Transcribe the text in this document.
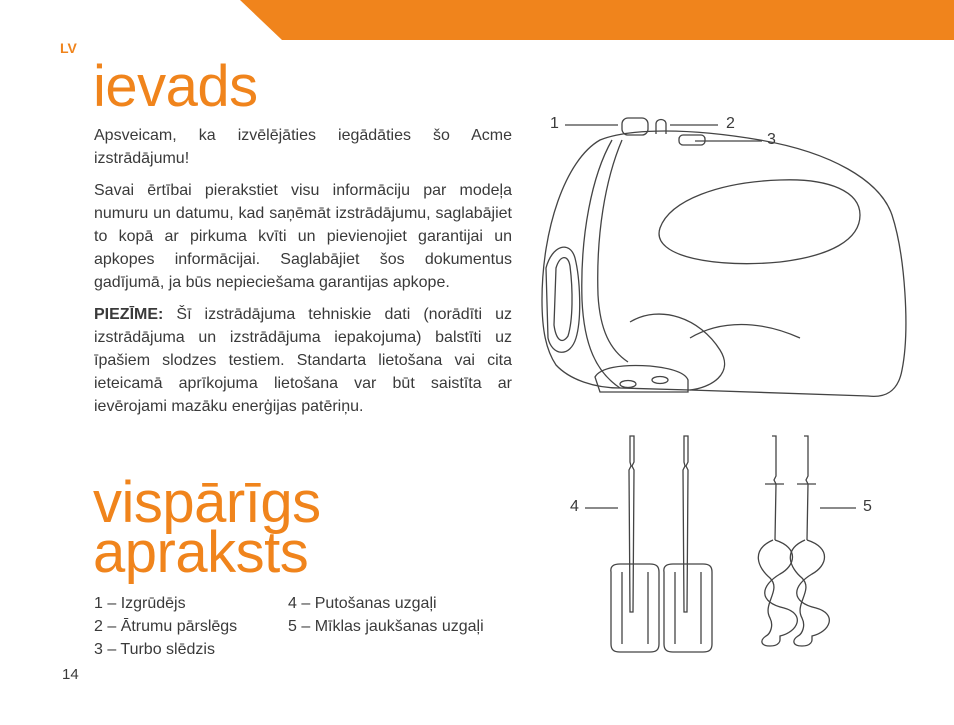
LV
ievads

Apsveicam, ka izvēlējāties iegādāties šo Acme izstrādājumu!

Savai ērtībai pierakstiet visu informāciju par modeļa numuru un datumu, kad saņēmāt izstrādājumu, saglabājiet to kopā ar pirkuma kvīti un pievienojiet garantijai un apkopes informācijai. Saglabājiet šos dokumentus gadījumā, ja būs nepieciešama garantijas apkope.

PIEZĪME: Šī izstrādājuma tehniskie dati (norādīti uz izstrādājuma un izstrādājuma iepakojuma) balstīti uz īpašiem slodzes testiem. Standarta lietošana vai cita ieteicamā aprīkojuma lietošana var būt saistīta ar ievērojami mazāku enerģijas patēriņu.

vispārīgs
apraksts
1 – Izgrūdējs
2 – Ātrumu pārslēgs
3 – Turbo slēdzis
4 – Putošanas uzgaļi
5 – Mīklas jaukšanas uzgaļi
14
1	2
3
4	5
